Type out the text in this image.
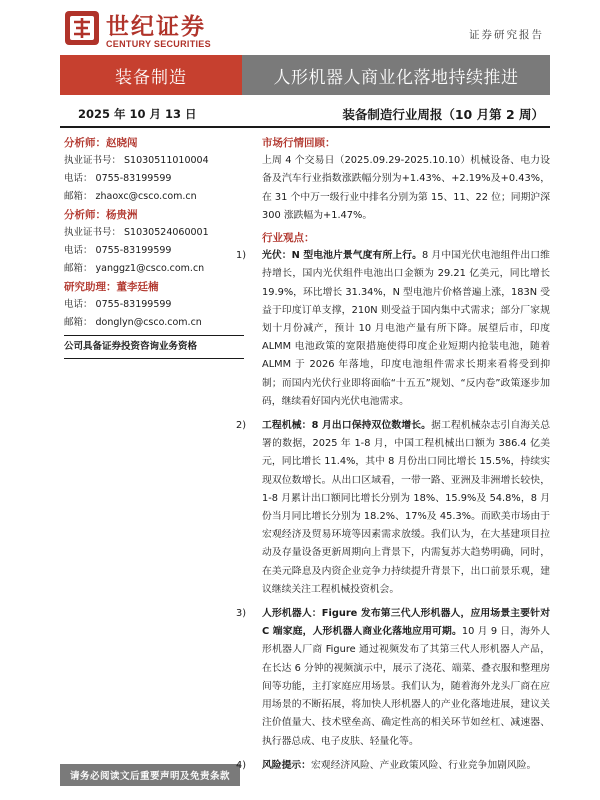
世纪证券
CENTURY SECURITIES
证券研究报告
装备制造	人形机器人商业化落地持续推进
2025 年 10 月 13 日	装备制造行业周报（10 月第 2 周）
分析师：赵晓闯
执业证书号： S1030511010004
电话： 0755-83199599
邮箱： zhaoxc@csco.com.cn
分析师：杨贵洲
执业证书号： S1030524060001
电话： 0755-83199599
邮箱： yanggz1@csco.com.cn
研究助理：董李廷楠
电话： 0755-83199599
邮箱： donglyn@csco.com.cn
公司具备证券投资咨询业务资格
请务必阅读文后重要声明及免责条款
市场行情回顾：
上周 4 个交易日（2025.09.29-2025.10.10）机械设备、电力设备及汽车行业指数涨跌幅分别为+1.43%、+2.19%及+0.43%，在 31 个中万一级行业中排名分别为第 15、11、22 位；同期沪深 300 涨跌幅为+1.47%。
行业观点：
1)	光伏：N 型电池片景气度有所上行。8 月中国光伏电池组件出口维持增长，国内光伏组件电池出口金额为 29.21 亿美元，同比增长 19.9%，环比增长 31.34%，N 型电池片价格普遍上涨，183N 受益于印度订单支撑，210N 则受益于国内集中式需求；部分厂家规划十月份减产，预计 10 月电池产量有所下降。展望后市，印度 ALMM 电池政策的宽限措施使得印度企业短期内抢装电池，随着 ALMM 于 2026 年落地，印度电池组件需求长期来看将受到抑制；而国内光伏行业即将面临“十五五”规划、“反内卷”政策逐步加码，继续看好国内光伏电池需求。
2)	工程机械：8 月出口保持双位数增长。据工程机械杂志引自海关总署的数据，2025 年 1-8 月，中国工程机械出口额为 386.4 亿美元，同比增长 11.4%，其中 8 月份出口同比增长 15.5%，持续实现双位数增长。从出口区域看，一带一路、亚洲及非洲增长较快，1-8 月累计出口额同比增长分别为 18%、15.9%及 54.8%，8 月份当月同比增长分别为 18.2%、17%及 45.3%。而欧美市场由于宏观经济及贸易环境等因素需求放缓。我们认为，在大基建项目拉动及存量设备更新周期向上背景下，内需复苏大趋势明确，同时，在美元降息及内资企业竞争力持续提升背景下，出口前景乐观，建议继续关注工程机械投资机会。
3)	人形机器人：Figure 发布第三代人形机器人，应用场景主要针对 C 端家庭，人形机器人商业化落地应用可期。10 月 9 日，海外人形机器人厂商 Figure 通过视频发布了其第三代人形机器人产品，在长达 6 分钟的视频演示中，展示了浇花、端菜、叠衣服和整理房间等功能，主打家庭应用场景。我们认为，随着海外龙头厂商在应用场景的不断拓展，将加快人形机器人的产业化落地进展，建议关注价值量大、技术壁垒高、确定性高的相关环节如丝杠、减速器、执行器总成、电子皮肤、轻量化等。
4)	风险提示：宏观经济风险、产业政策风险、行业竞争加剧风险。
